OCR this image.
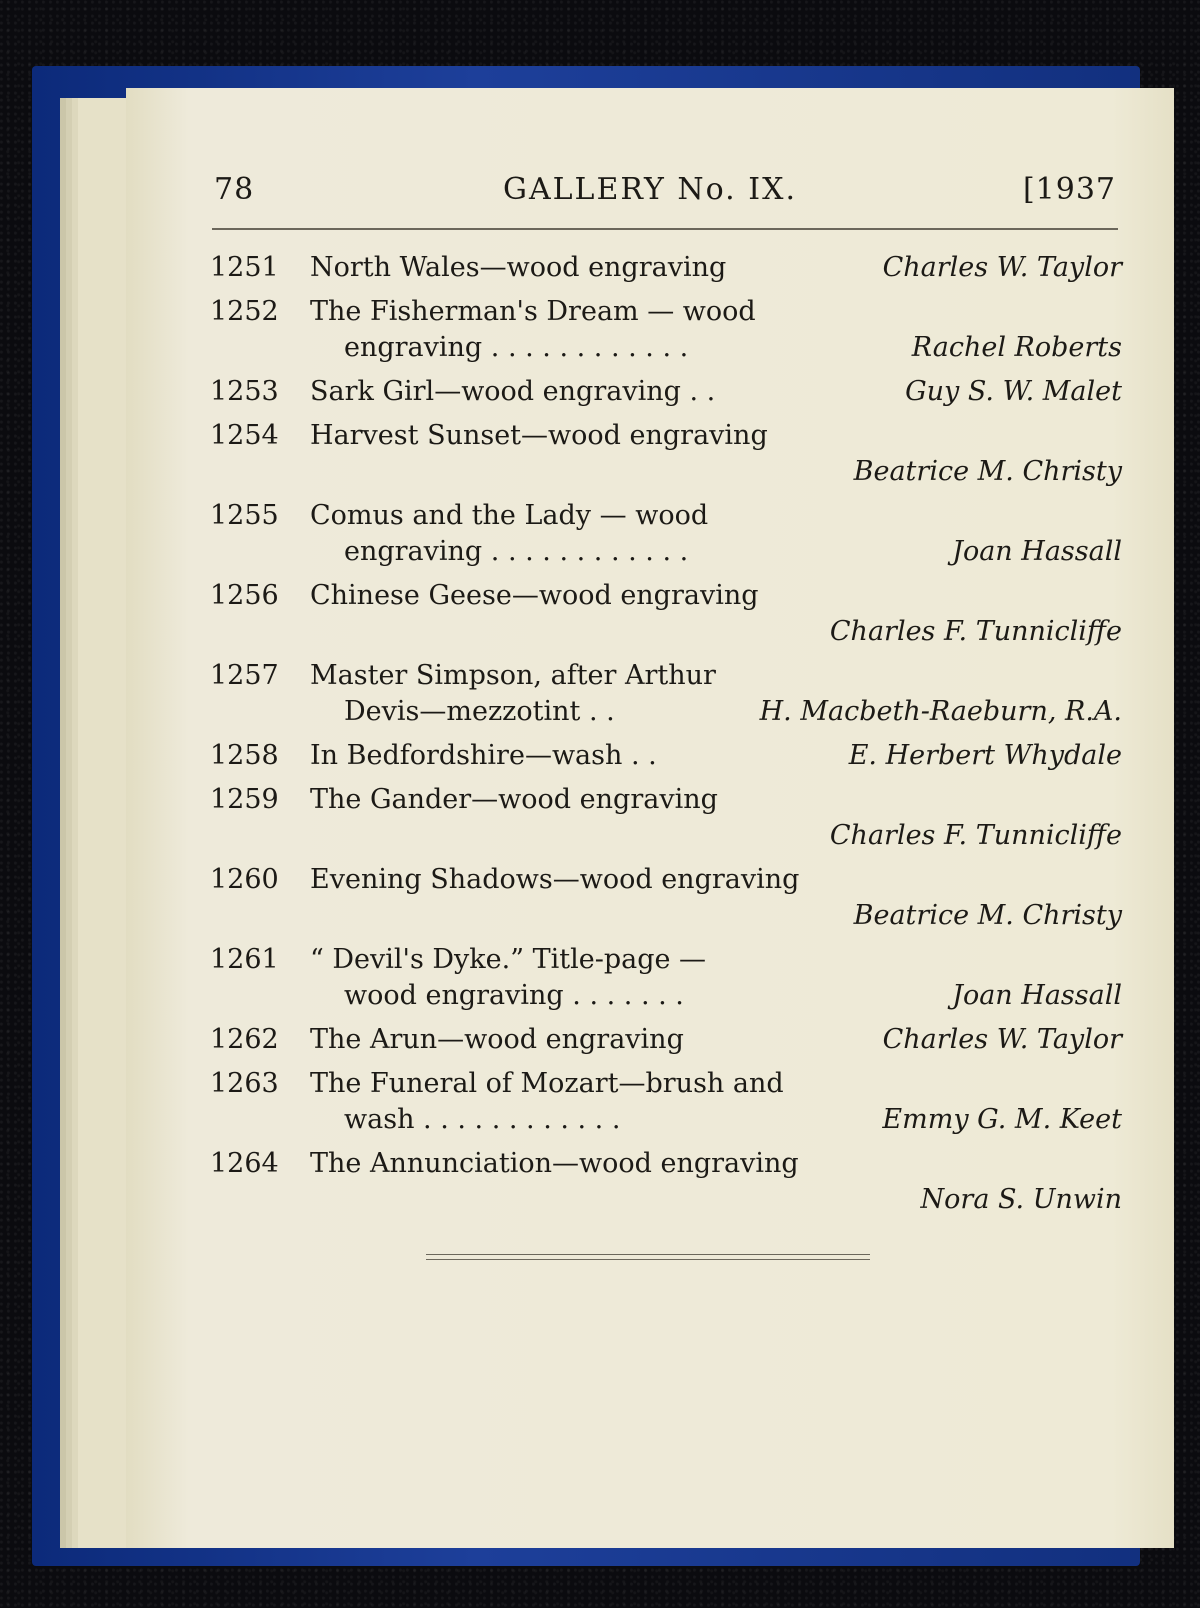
78	GALLERY No. IX.	[1937
1251	North Wales—wood engraving	Charles W. Taylor
1252	The Fisherman's Dream — wood
engraving . . . . . . . . . . . .	Rachel Roberts
1253	Sark Girl—wood engraving . .	Guy S. W. Malet
1254	Harvest Sunset—wood engraving
Beatrice M. Christy
1255	Comus and the Lady — wood
engraving . . . . . . . . . . . .	Joan Hassall
1256	Chinese Geese—wood engraving
Charles F. Tunnicliffe
1257	Master Simpson, after Arthur
Devis—mezzotint . .	H. Macbeth-Raeburn, R.A.
1258	In Bedfordshire—wash . .	E. Herbert Whydale
1259	The Gander—wood engraving
Charles F. Tunnicliffe
1260	Evening Shadows—wood engraving
Beatrice M. Christy
1261	“ Devil's Dyke.” Title-page —
wood engraving . . . . . . .	Joan Hassall
1262	The Arun—wood engraving	Charles W. Taylor
1263	The Funeral of Mozart—brush and
wash . . . . . . . . . . . .	Emmy G. M. Keet
1264	The Annunciation—wood engraving
Nora S. Unwin
